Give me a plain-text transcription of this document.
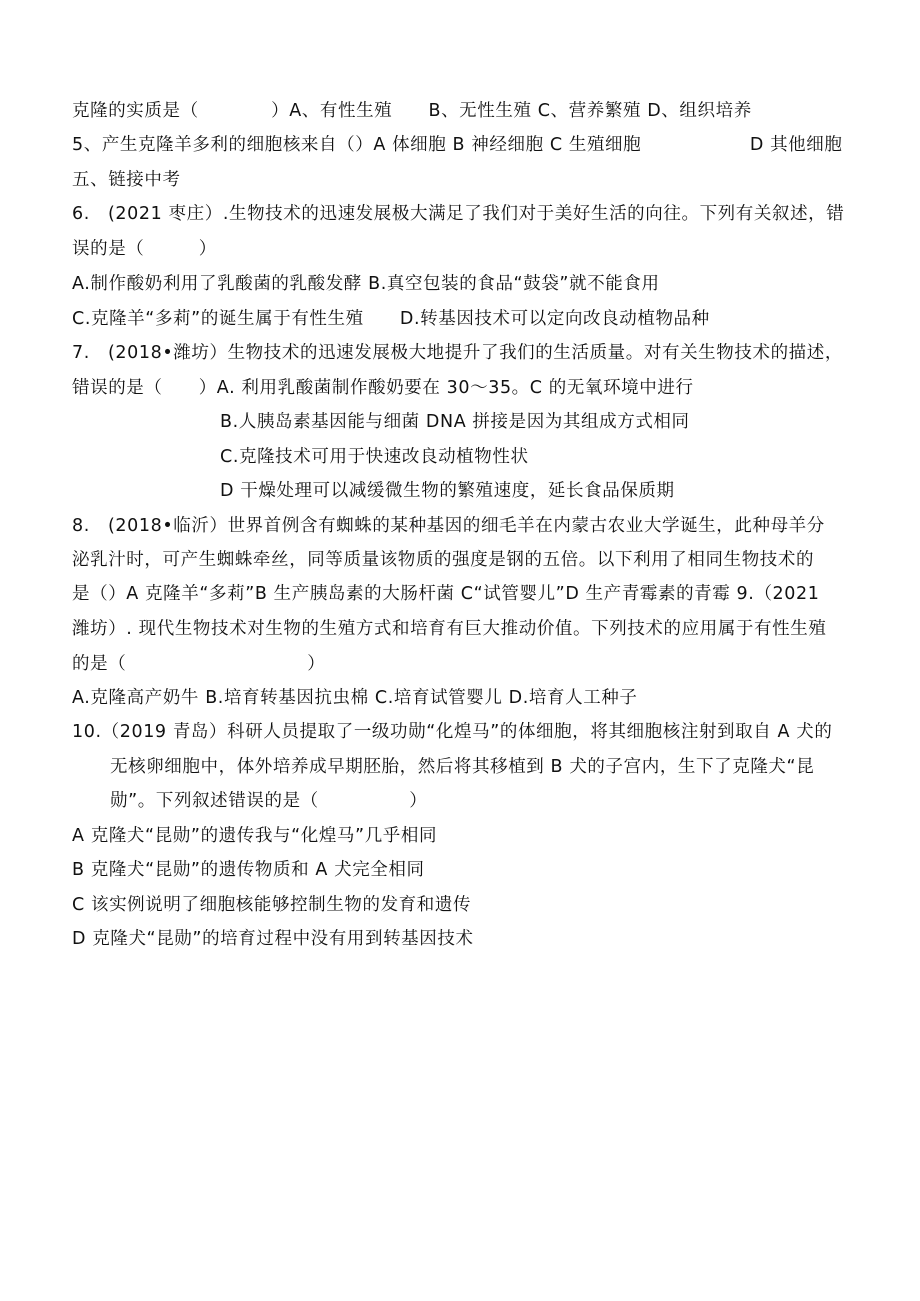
克隆的实质是（　　　　）A、有性生殖　　B、无性生殖 C、营养繁殖 D、组织培养
5、产生克隆羊多利的细胞核来自（）A 体细胞 B 神经细胞 C 生殖细胞　　　　　　D 其他细胞
五、链接中考
6.　(2021 枣庄）.生物技术的迅速发展极大满足了我们对于美好生活的向往。下列有关叙述，错
误的是（　　　）
A.制作酸奶利用了乳酸菌的乳酸发酵 B.真空包装的食品“鼓袋”就不能食用
C.克隆羊“多莉”的诞生属于有性生殖　　D.转基因技术可以定向改良动植物品种
7.　(2018•潍坊）生物技术的迅速发展极大地提升了我们的生活质量。对有关生物技术的描述，
错误的是（　　）A. 利用乳酸菌制作酸奶要在 30～35。C 的无氧环境中进行
B.人胰岛素基因能与细菌 DNA 拼接是因为其组成方式相同
C.克隆技术可用于快速改良动植物性状
D 干燥处理可以减缓微生物的繁殖速度，延长食品保质期
8.　(2018•临沂）世界首例含有蜘蛛的某种基因的细毛羊在内蒙古农业大学诞生，此种母羊分
泌乳汁时，可产生蜘蛛牵丝，同等质量该物质的强度是钢的五倍。以下利用了相同生物技术的
是（）A 克隆羊“多莉”B 生产胰岛素的大肠杆菌 C“试管婴儿”D 生产青霉素的青霉 9.（2021
潍坊）. 现代生物技术对生物的生殖方式和培育有巨大推动价值。下列技术的应用属于有性生殖
的是（　　　　　　　　　　）
A.克隆高产奶牛 B.培育转基因抗虫棉 C.培育试管婴儿 D.培育人工种子
10.（2019 青岛）科研人员提取了一级功勋“化煌马”的体细胞，将其细胞核注射到取自 A 犬的
无核卵细胞中，体外培养成早期胚胎，然后将其移植到 B 犬的子宫内，生下了克隆犬“昆
勋”。下列叙述错误的是（　　　　　）
A 克隆犬“昆勋”的遗传我与“化煌马”几乎相同
B 克隆犬“昆勋”的遗传物质和 A 犬完全相同
C 该实例说明了细胞核能够控制生物的发育和遗传
D 克隆犬“昆勋”的培育过程中没有用到转基因技术
